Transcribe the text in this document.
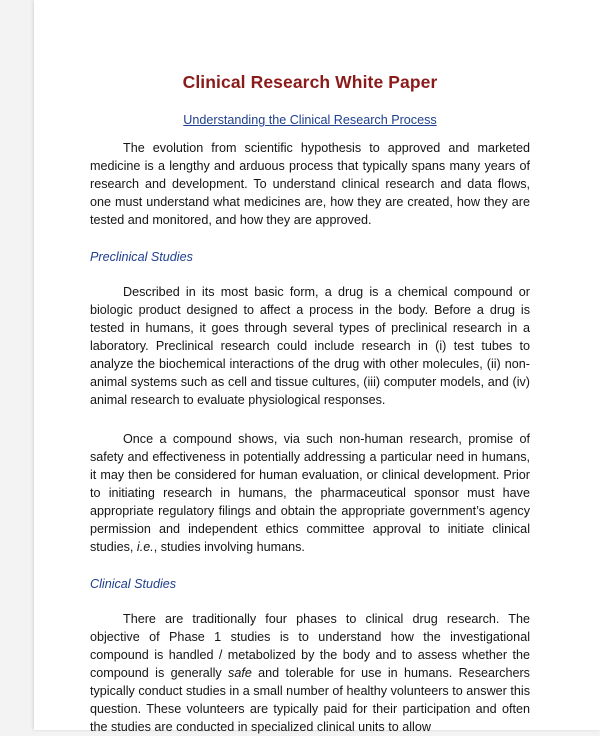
Clinical Research White Paper
Understanding the Clinical Research Process

The evolution from scientific hypothesis to approved and marketed medicine is a lengthy and arduous process that typically spans many years of research and development. To understand clinical research and data flows, one must understand what medicines are, how they are created, how they are tested and monitored, and how they are approved.

Preclinical Studies

Described in its most basic form, a drug is a chemical compound or biologic product designed to affect a process in the body. Before a drug is tested in humans, it goes through several types of preclinical research in a laboratory. Preclinical research could include research in (i) test tubes to analyze the biochemical interactions of the drug with other molecules, (ii) non-animal systems such as cell and tissue cultures, (iii) computer models, and (iv) animal research to evaluate physiological responses.

Once a compound shows, via such non-human research, promise of safety and effectiveness in potentially addressing a particular need in humans, it may then be considered for human evaluation, or clinical development. Prior to initiating research in humans, the pharmaceutical sponsor must have appropriate regulatory filings and obtain the appropriate government’s agency permission and independent ethics committee approval to initiate clinical studies, i.e., studies involving humans.

Clinical Studies

There are traditionally four phases to clinical drug research. The objective of Phase 1 studies is to understand how the investigational compound is handled / metabolized by the body and to assess whether the compound is generally safe and tolerable for use in humans. Researchers typically conduct studies in a small number of healthy volunteers to answer this question. These volunteers are typically paid for their participation and often the studies are conducted in specialized clinical units to allow
